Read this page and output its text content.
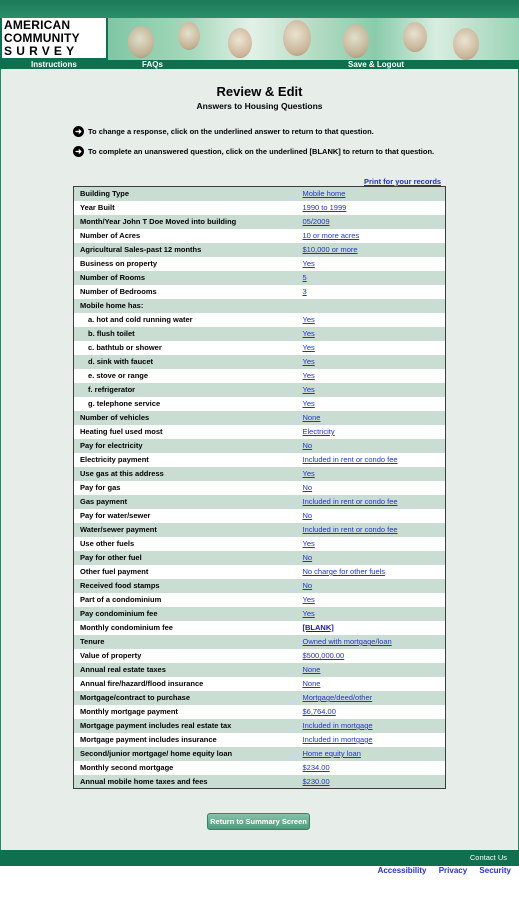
AMERICAN
COMMUNITY
SURVEY
Instructions	FAQs	Save & Logout
Review & Edit
Answers to Housing Questions
➜ To change a response, click on the underlined answer to return to that question.
➜ To complete an unanswered question, click on the underlined [BLANK] to return to that question.
Print for your records
Building Type	Mobile home
Year Built	1990 to 1999
Month/Year John T Doe Moved into building	05/2009
Number of Acres	10 or more acres
Agricultural Sales-past 12 months	$10,000 or more
Business on property	Yes
Number of Rooms	5
Number of Bedrooms	3
Mobile home has:	
a. hot and cold running water	Yes
b. flush toilet	Yes
c. bathtub or shower	Yes
d. sink with faucet	Yes
e. stove or range	Yes
f. refrigerator	Yes
g. telephone service	Yes
Number of vehicles	None
Heating fuel used most	Electricity
Pay for electricity	No
Electricity payment	Included in rent or condo fee
Use gas at this address	Yes
Pay for gas	No
Gas payment	Included in rent or condo fee
Pay for water/sewer	No
Water/sewer payment	Included in rent or condo fee
Use other fuels	Yes
Pay for other fuel	No
Other fuel payment	No charge for other fuels
Received food stamps	No
Part of a condominium	Yes
Pay condominium fee	Yes
Monthly condominium fee	[BLANK]
Tenure	Owned with mortgage/loan
Value of property	$500,000.00
Annual real estate taxes	None
Annual fire/hazard/flood insurance	None
Mortgage/contract to purchase	Mortgage/deed/other
Monthly mortgage payment	$6,764.00
Mortgage payment includes real estate tax	Included in mortgage
Mortgage payment includes insurance	Included in mortgage
Second/junior mortgage/ home equity loan	Home equity loan
Monthly second mortgage	$234.00
Annual mobile home taxes and fees	$230.00
Return to Summary Screen
Contact Us
Accessibility Privacy Security
